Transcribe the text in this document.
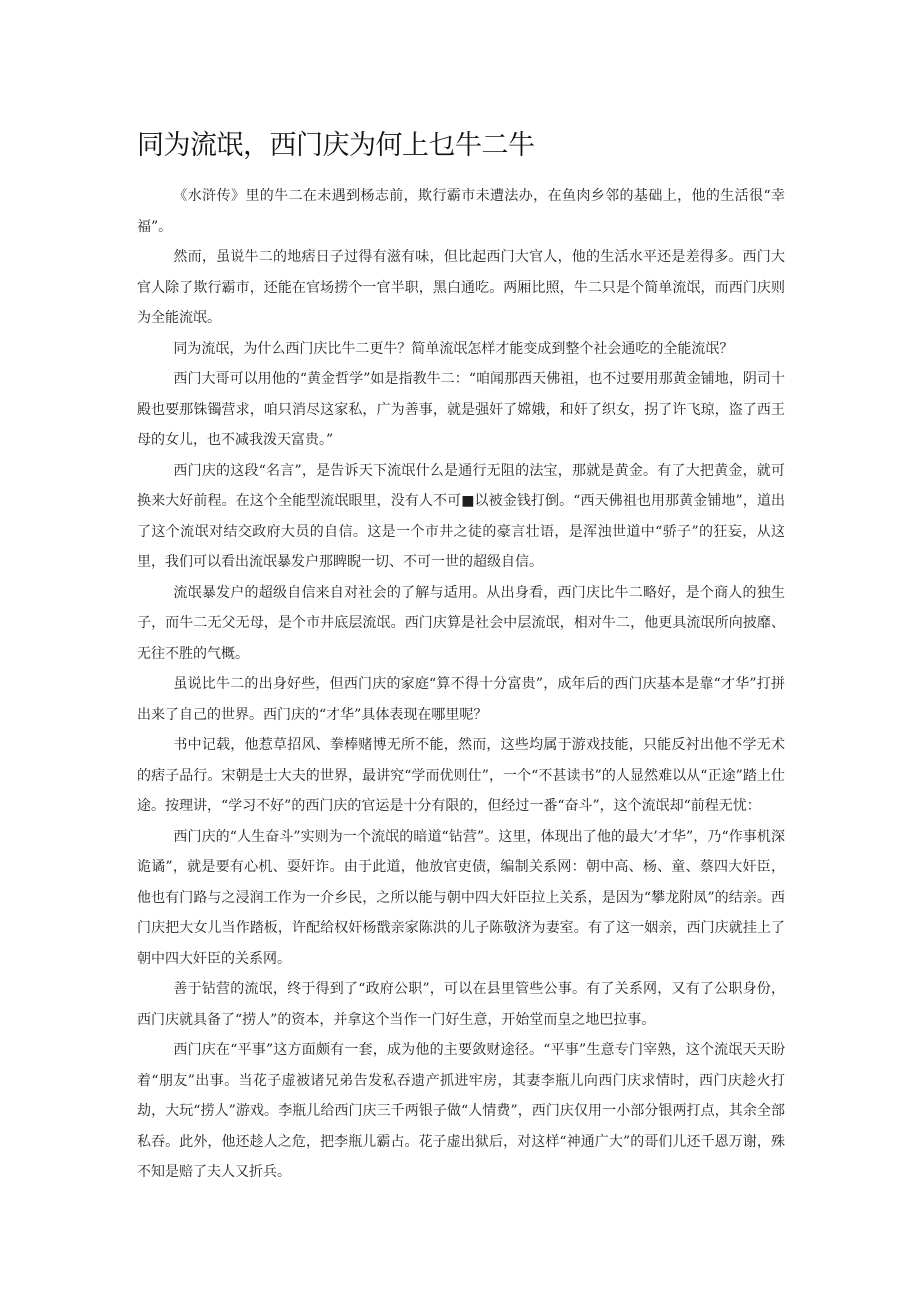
同为流氓，西门庆为何上乜牛二牛

《水浒传》里的牛二在未遇到杨志前，欺行霸市未遭法办，在鱼肉乡邻的基础上，他的生活很“幸福”。

然而，虽说牛二的地痞日子过得有滋有味，但比起西门大官人，他的生活水平还是差得多。西门大官人除了欺行霸市，还能在官场捞个一官半职，黑白通吃。两厢比照，牛二只是个简单流氓，而西门庆则为全能流氓。

同为流氓，为什么西门庆比牛二更牛？简单流氓怎样才能变成到整个社会通吃的全能流氓？

西门大哥可以用他的“黄金哲学”如是指教牛二：“咱闻那西天佛祖，也不过要用那黄金铺地，阴司十殿也要那铢镯营求，咱只消尽这家私，广为善事，就是强奸了嫦娥，和奸了织女，拐了许飞琼，盗了西王母的女儿，也不减我泼天富贵。”

西门庆的这段“名言”，是告诉天下流氓什么是通行无阻的法宝，那就是黄金。有了大把黄金，就可换来大好前程。在这个全能型流氓眼里，没有人不可■以被金钱打倒。“西天佛祖也用那黄金铺地”，道出了这个流氓对结交政府大员的自信。这是一个市井之徒的豪言壮语，是浑浊世道中“骄子”的狂妄，从这里，我们可以看出流氓暴发户那睥睨一切、不可一世的超级自信。

流氓暴发户的超级自信来自对社会的了解与适用。从出身看，西门庆比牛二略好，是个商人的独生子，而牛二无父无母，是个市井底层流氓。西门庆算是社会中层流氓，相对牛二，他更具流氓所向披靡、无往不胜的气概。

虽说比牛二的出身好些，但西门庆的家庭“算不得十分富贵”，成年后的西门庆基本是靠“才华”打拼出来了自己的世界。西门庆的“才华”具体表现在哪里呢？

书中记载，他惹草招风、拳棒赌博无所不能，然而，这些均属于游戏技能，只能反衬出他不学无术的痞子品行。宋朝是士大夫的世界，最讲究“学而优则仕”，一个“不甚读书”的人显然难以从“正途”踏上仕途。按理讲，“学习不好”的西门庆的官运是十分有限的，但经过一番“奋斗”，这个流氓却“前程无忧：

西门庆的“人生奋斗”实则为一个流氓的暗道“钻营”。这里，体现出了他的最大’才华”，乃“作事机深诡谲”，就是要有心机、耍奸诈。由于此道，他放官吏债，编制关系网：朝中高、杨、童、蔡四大奸臣，他也有门路与之浸润工作为一介乡民，之所以能与朝中四大奸臣拉上关系，是因为“攀龙附凤”的结亲。西门庆把大女儿当作踏板，许配给权奸杨戬亲家陈洪的儿子陈敬济为妻室。有了这一姻亲，西门庆就挂上了朝中四大奸臣的关系网。

善于钻营的流氓，终于得到了“政府公职”，可以在县里管些公事。有了关系网，又有了公职身份，西门庆就具备了“捞人”的资本，并拿这个当作一门好生意，开始堂而皇之地巴拉事。

西门庆在“平事”这方面颇有一套，成为他的主要敛财途径。“平事”生意专门宰熟，这个流氓天天盼着“朋友”出事。当花子虚被诸兄弟告发私吞遗产抓进牢房，其妻李瓶儿向西门庆求情时，西门庆趁火打劫，大玩“捞人”游戏。李瓶儿给西门庆三千两银子做“人情费”，西门庆仅用一小部分银两打点，其余全部私吞。此外，他还趁人之危，把李瓶儿霸占。花子虚出狱后，对这样“神通广大”的哥们儿还千恩万谢，殊不知是赔了夫人又折兵。
